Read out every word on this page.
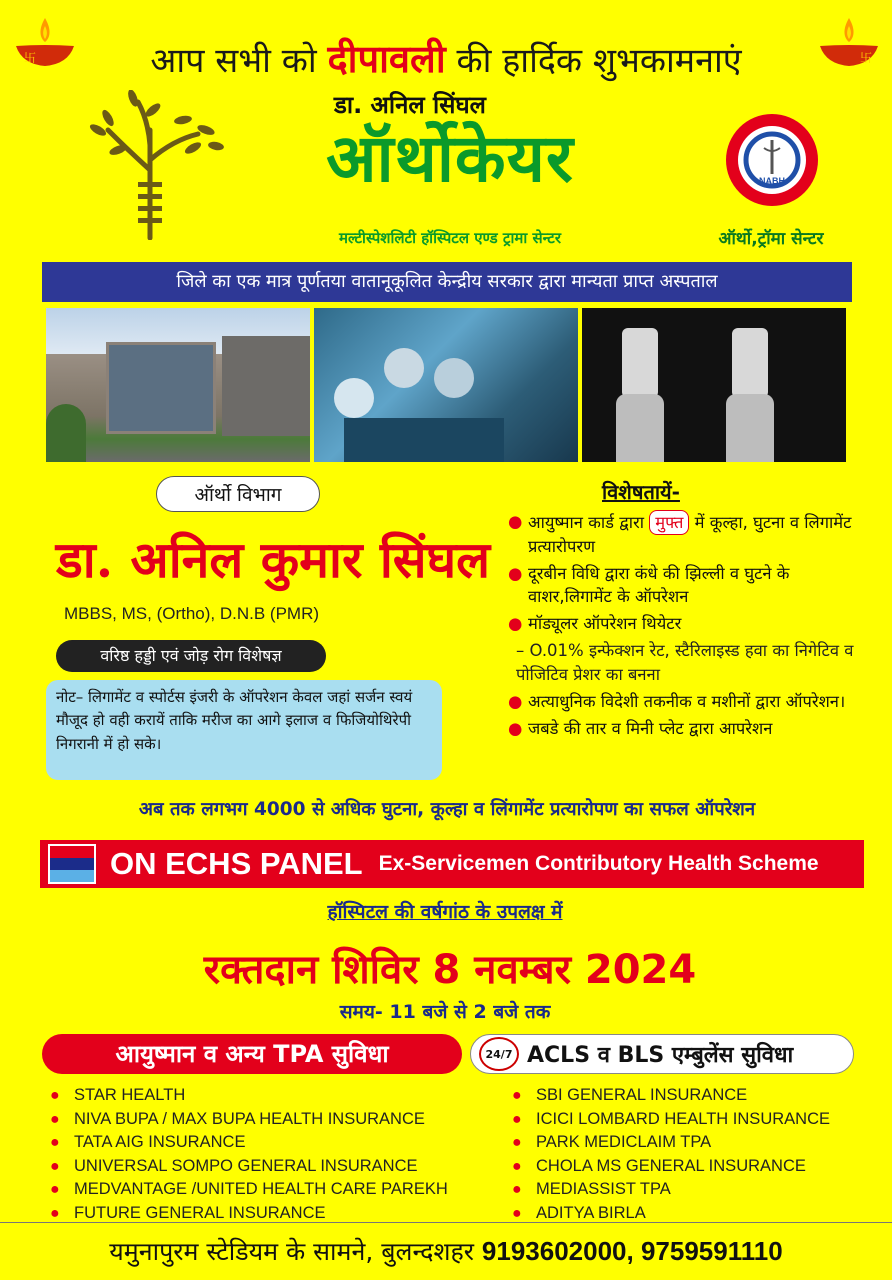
卐	आप सभी को दीपावली की हार्दिक शुभकामनाएं	卐
डा. अनिल सिंघल
ऑर्थोकेयर
मल्टीस्पेशलिटी हॉस्पिटल एण्ड ट्रामा सेन्टर
NABH
ऑर्थो,ट्रॉमा सेन्टर
जिले का एक मात्र पूर्णतया वातानूकूलित केन्द्रीय सरकार द्वारा मान्यता प्राप्त अस्पताल
ऑर्थो विभाग
डा. अनिल कुमार सिंघल
MBBS, MS, (Ortho), D.N.B (PMR)
वरिष्ठ हड्डी एवं जोड़ रोग विशेषज्ञ
नोट– लिगामेंट व स्पोर्टस इंजरी के ऑपरेशन केवल जहां सर्जन स्वयं मौजूद हो वही करायें ताकि मरीज का आगे इलाज व फिजियोथिरेपी निगरानी में हो सके।
विशेषतायें-
● आयुष्मान कार्ड द्वारा मुफ्त में कूल्हा, घुटना व लिगामेंट प्रत्यारोपरण
● दूरबीन विधि द्वारा कंधे की झिल्ली व घुटने के वाशर,लिगामेंट के ऑपरेशन
● मॉड्यूलर ऑपरेशन थियेटर
– O.01% इन्फेक्शन रेट, स्टैरिलाइस्ड हवा का निगेटिव व पोजिटिव प्रेशर का बनना
● अत्याधुनिक विदेशी तकनीक व मशीनों द्वारा ऑपरेशन।
● जबडे की तार व मिनी प्लेट द्वारा आपरेशन
अब तक लगभग 4000 से अधिक घुटना, कूल्हा व लिंगामेंट प्रत्यारोपण का सफल ऑपरेशन
ON ECHS PANEL Ex-Servicemen Contributory Health Scheme
हॉस्पिटल की वर्षगांठ के उपलक्ष में
रक्तदान शिविर 8 नवम्बर 2024
समय- 11 बजे से 2 बजे तक
आयुष्मान व अन्य TPA सुविधा	24/7 ACLS व BLS एम्बुलेंस सुविधा
● STAR HEALTH
● NIVA BUPA / MAX BUPA HEALTH INSURANCE
● TATA AIG INSURANCE
● UNIVERSAL SOMPO GENERAL INSURANCE
● MEDVANTAGE /UNITED HEALTH CARE PAREKH
● FUTURE GENERAL INSURANCE
● SBI GENERAL INSURANCE
● ICICI LOMBARD HEALTH INSURANCE
● PARK MEDICLAIM TPA
● CHOLA MS GENERAL INSURANCE
● MEDIASSIST TPA
● ADITYA BIRLA
यमुनापुरम स्टेडियम के सामने, बुलन्दशहर 9193602000, 9759591110
